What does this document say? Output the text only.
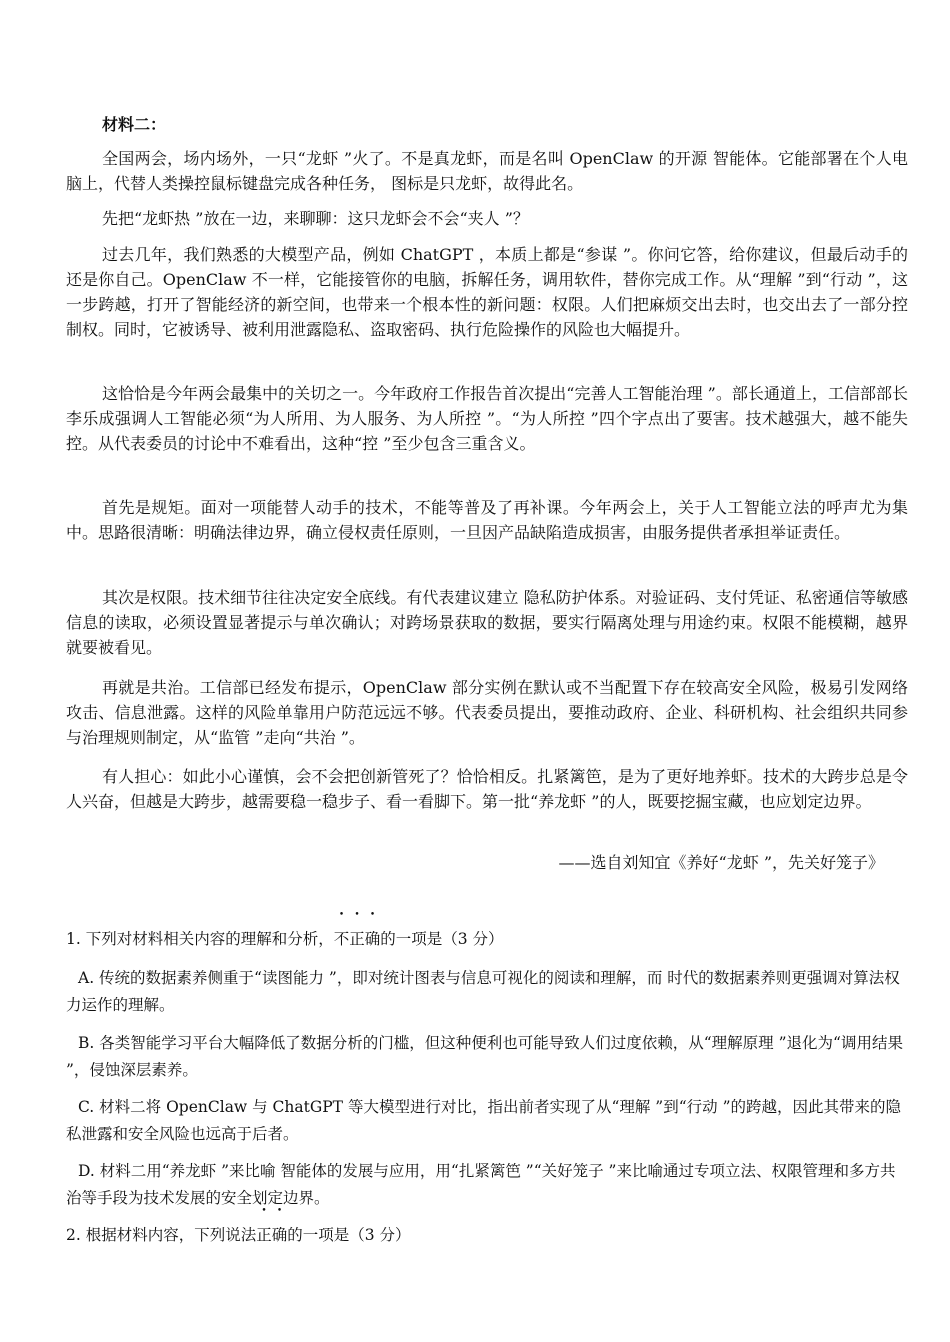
材料二：

全国两会，场内场外，一只“龙虾 ”火了。不是真龙虾，而是名叫 OpenClaw 的开源 智能体。它能部署在个人电脑上，代替人类操控鼠标键盘完成各种任务， 图标是只龙虾，故得此名。

先把“龙虾热 ”放在一边，来聊聊：这只龙虾会不会“夹人 ”？

过去几年，我们熟悉的大模型产品，例如 ChatGPT ，本质上都是“参谋 ”。你问它答，给你建议，但最后动手的还是你自己。OpenClaw 不一样，它能接管你的电脑，拆解任务，调用软件，替你完成工作。从“理解 ”到“行动 ”，这一步跨越，打开了智能经济的新空间，也带来一个根本性的新问题：权限。人们把麻烦交出去时，也交出去了一部分控制权。同时，它被诱导、被利用泄露隐私、盗取密码、执行危险操作的风险也大幅提升。

这恰恰是今年两会最集中的关切之一。今年政府工作报告首次提出“完善人工智能治理 ”。部长通道上，工信部部长李乐成强调人工智能必须“为人所用、为人服务、为人所控 ”。“为人所控 ”四个字点出了要害。技术越强大，越不能失控。从代表委员的讨论中不难看出，这种“控 ”至少包含三重含义。

首先是规矩。面对一项能替人动手的技术，不能等普及了再补课。今年两会上，关于人工智能立法的呼声尤为集中。思路很清晰：明确法律边界，确立侵权责任原则，一旦因产品缺陷造成损害，由服务提供者承担举证责任。

其次是权限。技术细节往往决定安全底线。有代表建议建立 隐私防护体系。对验证码、支付凭证、私密通信等敏感信息的读取，必须设置显著提示与单次确认；对跨场景获取的数据，要实行隔离处理与用途约束。权限不能模糊，越界就要被看见。

再就是共治。工信部已经发布提示，OpenClaw 部分实例在默认或不当配置下存在较高安全风险，极易引发网络攻击、信息泄露。这样的风险单靠用户防范远远不够。代表委员提出，要推动政府、企业、科研机构、社会组织共同参与治理规则制定，从“监管 ”走向“共治 ”。

有人担心：如此小心谨慎，会不会把创新管死了？恰恰相反。扎紧篱笆，是为了更好地养虾。技术的大跨步总是令人兴奋，但越是大跨步，越需要稳一稳步子、看一看脚下。第一批“养龙虾 ”的人，既要挖掘宝藏，也应划定边界。

——选自刘知宜《养好“龙虾 ”，先关好笼子》

1. 下列对材料相关内容的理解和分析，不正确的一项是（3 分）

A. 传统的数据素养侧重于“读图能力 ”，即对统计图表与信息可视化的阅读和理解，而 时代的数据素养则更强调对算法权力运作的理解。

B. 各类智能学习平台大幅降低了数据分析的门槛，但这种便利也可能导致人们过度依赖，从“理解原理 ”退化为“调用结果 ”，侵蚀深层素养。

C. 材料二将 OpenClaw 与 ChatGPT 等大模型进行对比，指出前者实现了从“理解 ”到“行动 ”的跨越，因此其带来的隐私泄露和安全风险也远高于后者。

D. 材料二用“养龙虾 ”来比喻 智能体的发展与应用，用“扎紧篱笆 ”“关好笼子 ”来比喻通过专项立法、权限管理和多方共治等手段为技术发展的安全划定边界。

2. 根据材料内容，下列说法正确的一项是（3 分）
